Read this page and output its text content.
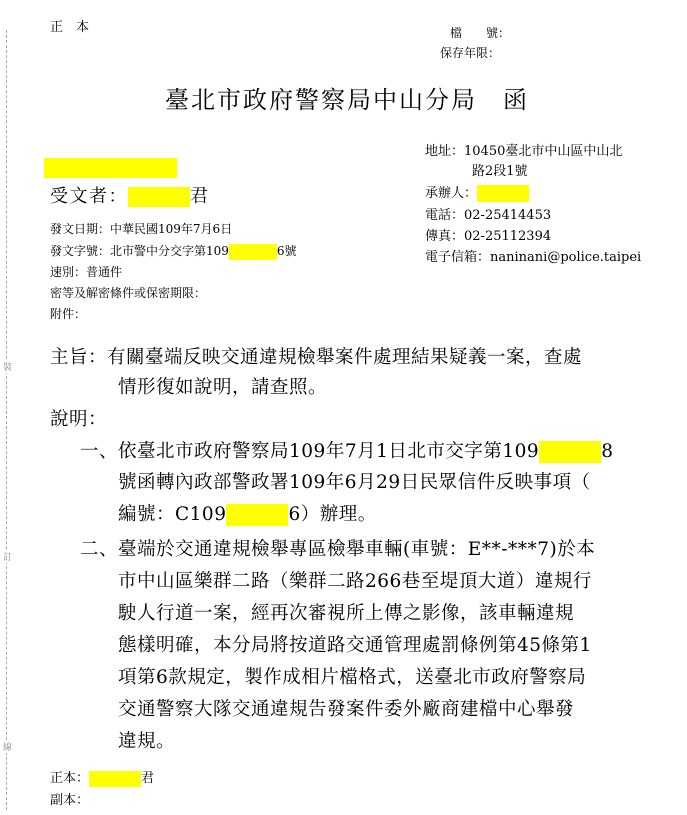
裝
訂
線
正　本	檔　　號：
保存年限：
臺北市政府警察局中山分局　函
地址：10450臺北市中山區中山北
路2段1號
承辦人：
電話：02-25414453
傳真：02-25112394
電子信箱：naninani@police.taipei
受文者：	君
發文日期：中華民國109年7月6日
發文字號：北市警中分交字第109	6號
速別：普通件
密等及解密條件或保密期限：
附件：
主旨：有關臺端反映交通違規檢舉案件處理結果疑義一案，查處
情形復如說明，請查照。
說明：
一、依臺北市政府警察局109年7月1日北市交字第109	8
號函轉內政部警政署109年6月29日民眾信件反映事項（
編號：C109	6）辦理。
二、臺端於交通違規檢舉專區檢舉車輛(車號：E**-***7)於本
市中山區樂群二路（樂群二路266巷至堤頂大道）違規行
駛人行道一案，經再次審視所上傳之影像，該車輛違規
態樣明確，本分局將按道路交通管理處罰條例第45條第1
項第6款規定，製作成相片檔格式，送臺北市政府警察局
交通警察大隊交通違規告發案件委外廠商建檔中心舉發
違規。
正本：	君
副本：
